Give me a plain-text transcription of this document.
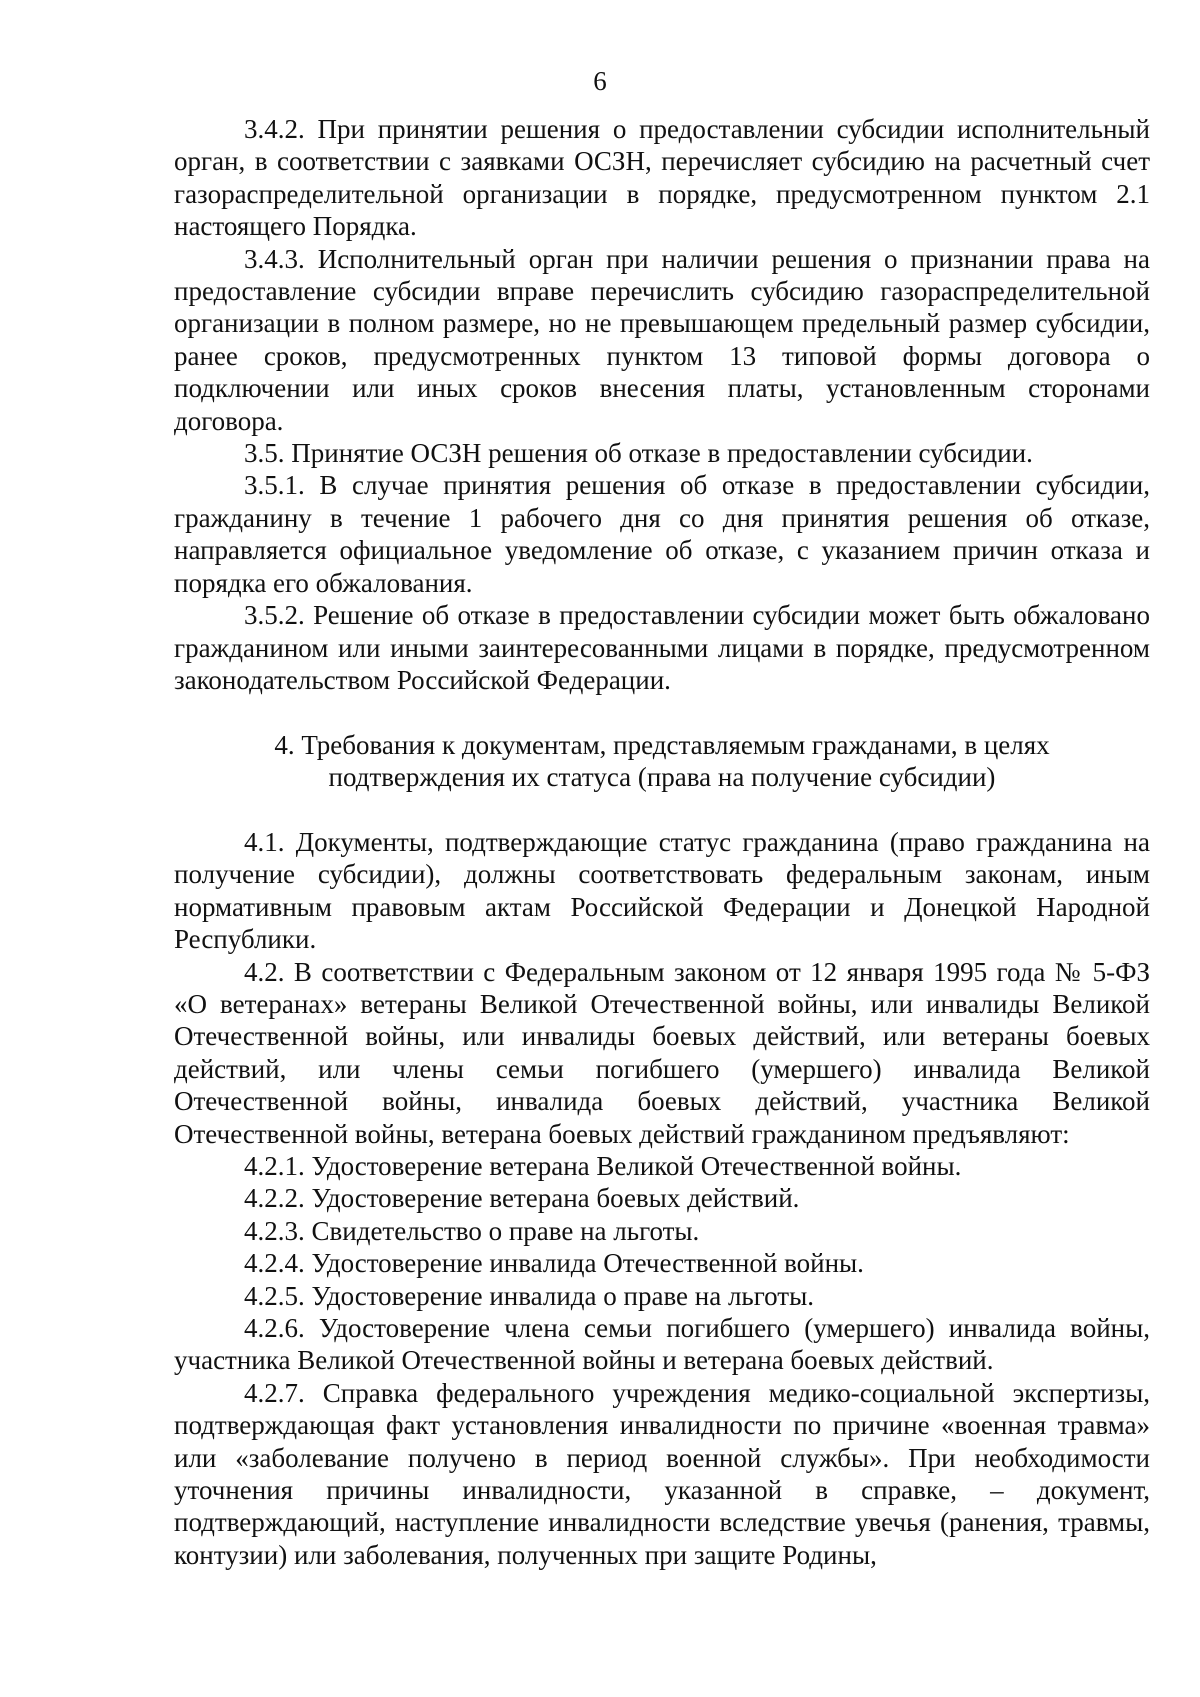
6

3.4.2. При принятии решения о предоставлении субсидии исполнительный орган, в соответствии с заявками ОСЗН, перечисляет субсидию на расчетный счет газораспределительной организации в порядке, предусмотренном пунктом 2.1 настоящего Порядка.

3.4.3. Исполнительный орган при наличии решения о признании права на предоставление субсидии вправе перечислить субсидию газораспределительной организации в полном размере, но не превышающем предельный размер субсидии, ранее сроков, предусмотренных пунктом 13 типовой формы договора о подключении или иных сроков внесения платы, установленным сторонами договора.

3.5. Принятие ОСЗН решения об отказе в предоставлении субсидии.

3.5.1. В случае принятия решения об отказе в предоставлении субсидии, гражданину в течение 1 рабочего дня со дня принятия решения об отказе, направляется официальное уведомление об отказе, с указанием причин отказа и порядка его обжалования.

3.5.2. Решение об отказе в предоставлении субсидии может быть обжаловано гражданином или иными заинтересованными лицами в порядке, предусмотренном законодательством Российской Федерации.

4. Требования к документам, представляемым гражданами, в целях
подтверждения их статуса (права на получение субсидии)

4.1. Документы, подтверждающие статус гражданина (право гражданина на получение субсидии), должны соответствовать федеральным законам, иным нормативным правовым актам Российской Федерации и Донецкой Народной Республики.

4.2. В соответствии с Федеральным законом от 12 января 1995 года № 5-ФЗ «О ветеранах» ветераны Великой Отечественной войны, или инвалиды Великой Отечественной войны, или инвалиды боевых действий, или ветераны боевых действий, или члены семьи погибшего (умершего) инвалида Великой Отечественной войны, инвалида боевых действий, участника Великой Отечественной войны, ветерана боевых действий гражданином предъявляют:

4.2.1. Удостоверение ветерана Великой Отечественной войны.

4.2.2. Удостоверение ветерана боевых действий.

4.2.3. Свидетельство о праве на льготы.

4.2.4. Удостоверение инвалида Отечественной войны.

4.2.5. Удостоверение инвалида о праве на льготы.

4.2.6. Удостоверение члена семьи погибшего (умершего) инвалида войны, участника Великой Отечественной войны и ветерана боевых действий.

4.2.7. Справка федерального учреждения медико-социальной экспертизы, подтверждающая факт установления инвалидности по причине «военная травма» или «заболевание получено в период военной службы». При необходимости уточнения причины инвалидности, указанной в справке, – документ, подтверждающий, наступление инвалидности вследствие увечья (ранения, травмы, контузии) или заболевания, полученных при защите Родины,
